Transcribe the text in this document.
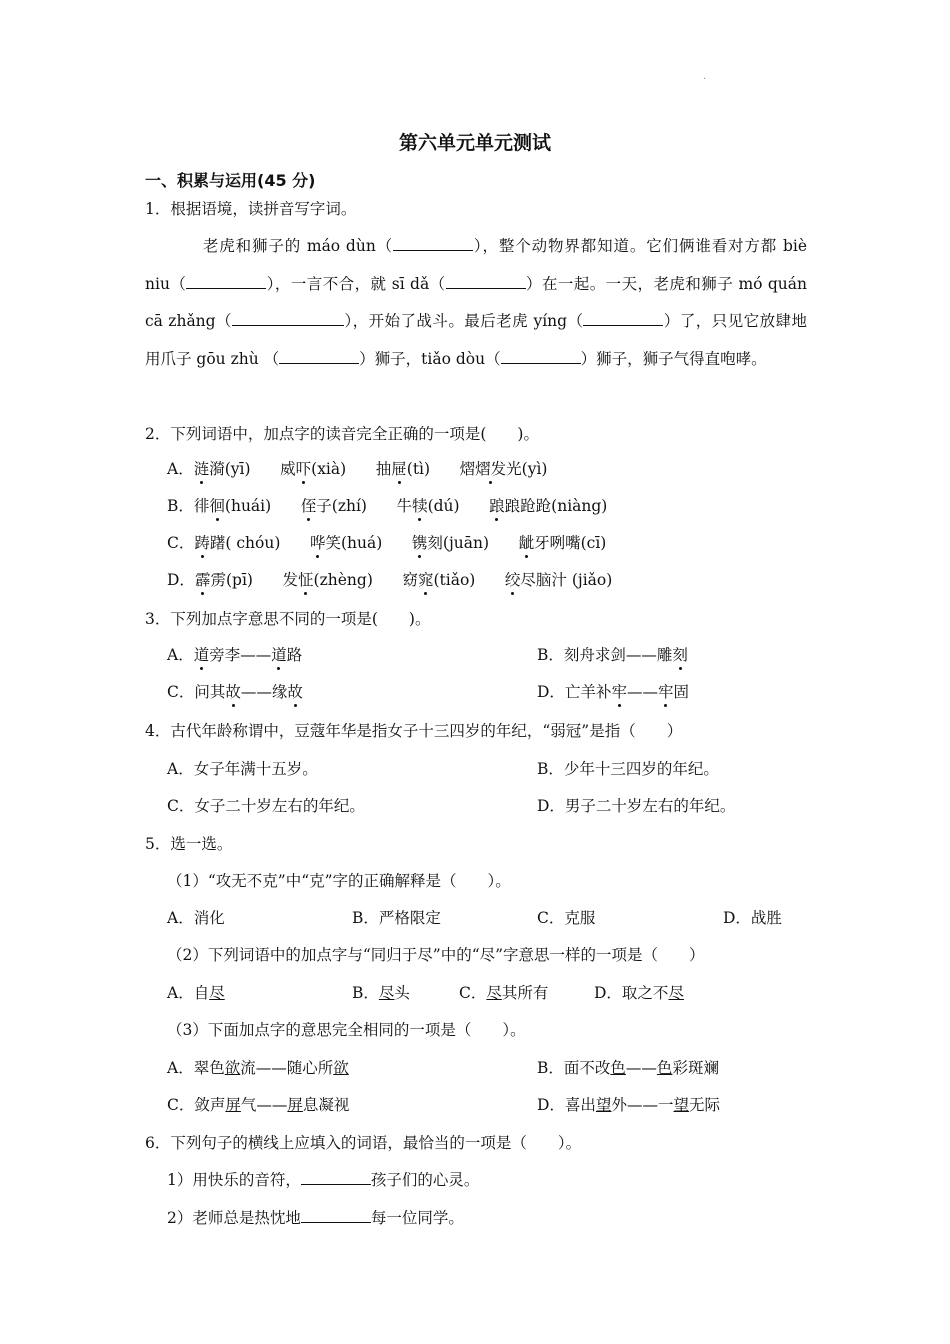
·
第六单元单元测试
一、积累与运用(45 分)
1．根据语境，读拼音写字词。
老虎和狮子的 máo dùn（	），整个动物界都知道。它们俩谁看对方都 biè niu（	），一言不合，就 sī dǎ（	）在一起。一天，老虎和狮子 mó quán cā zhǎng（	），开始了战斗。最后老虎 yíng（	）了，只见它放肆地用爪子 gōu zhù （	）狮子，tiǎo dòu（	）狮子，狮子气得直咆哮。
2．下列词语中，加点字的读音完全正确的一项是(　　)。
A．涟漪(yī) 威吓(xià) 抽屉(tì) 熠熠发光(yì)
B．徘徊(huái) 侄子(zhí) 牛犊(dú) 踉踉跄跄(niàng)
C．踌躇( chóu) 哗笑(huá) 镌刻(juān) 龇牙咧嘴(cī)
D．霹雳(pī) 发怔(zhèng) 窈窕(tiǎo) 绞尽脑汁 (jiǎo)
3．下列加点字意思不同的一项是(　　)。
A．道旁李——道路	B．刻舟求剑——雕刻
C．问其故——缘故	D．亡羊补牢——牢固
4．古代年龄称谓中，豆蔻年华是指女子十三四岁的年纪，“弱冠”是指（　　）
A．女子年满十五岁。	B．少年十三四岁的年纪。
C．女子二十岁左右的年纪。	D．男子二十岁左右的年纪。
5．选一选。
（1）“攻无不克”中“克”字的正确解释是（　　）。
A．消化	B．严格限定	C．克服	D．战胜
（2）下列词语中的加点字与“同归于尽”中的“尽”字意思一样的一项是（　　）
A．自尽	B．尽头	C．尽其所有	D．取之不尽
（3）下面加点字的意思完全相同的一项是（　　）。
A．翠色欲流——随心所欲	B．面不改色——色彩斑斓
C．敛声屏气——屏息凝视	D．喜出望外——一望无际
6．下列句子的横线上应填入的词语，最恰当的一项是（　　）。
1）用快乐的音符，	孩子们的心灵。
2）老师总是热忱地	每一位同学。
